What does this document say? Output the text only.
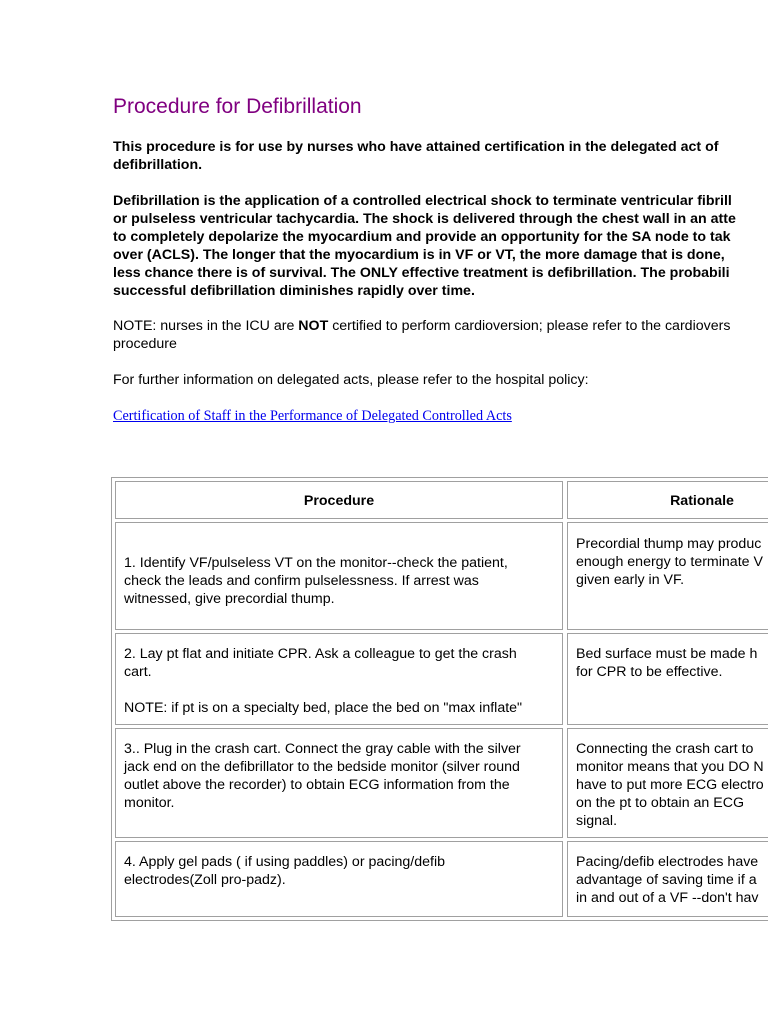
Procedure for Defibrillation
This procedure is for use by nurses who have attained certification in the delegated act of
defibrillation.
Defibrillation is the application of a controlled electrical shock to terminate ventricular fibrill
or pulseless ventricular tachycardia. The shock is delivered through the chest wall in an atte
to completely depolarize the myocardium and provide an opportunity for the SA node to tak
over (ACLS). The longer that the myocardium is in VF or VT, the more damage that is done,
less chance there is of survival. The ONLY effective treatment is defibrillation. The probabili
successful defibrillation diminishes rapidly over time.
NOTE: nurses in the ICU are NOT certified to perform cardioversion; please refer to the cardiovers
procedure
For further information on delegated acts, please refer to the hospital policy:
Certification of Staff in the Performance of Delegated Controlled Acts
Procedure	Rationale
1. Identify VF/pulseless VT on the monitor--check the patient,
check the leads and confirm pulselessness. If arrest was
witnessed, give precordial thump.
Precordial thump may produc
enough energy to terminate V
given early in VF.
2. Lay pt flat and initiate CPR. Ask a colleague to get the crash
cart.
NOTE: if pt is on a specialty bed, place the bed on "max inflate"
Bed surface must be made h
for CPR to be effective.
3.. Plug in the crash cart. Connect the gray cable with the silver
jack end on the defibrillator to the bedside monitor (silver round
outlet above the recorder) to obtain ECG information from the
monitor.
Connecting the crash cart to
monitor means that you DO N
have to put more ECG electro
on the pt to obtain an ECG
signal.
4. Apply gel pads ( if using paddles) or pacing/defib
electrodes(Zoll pro-padz).
Pacing/defib electrodes have
advantage of saving time if a
in and out of a VF --don't hav
